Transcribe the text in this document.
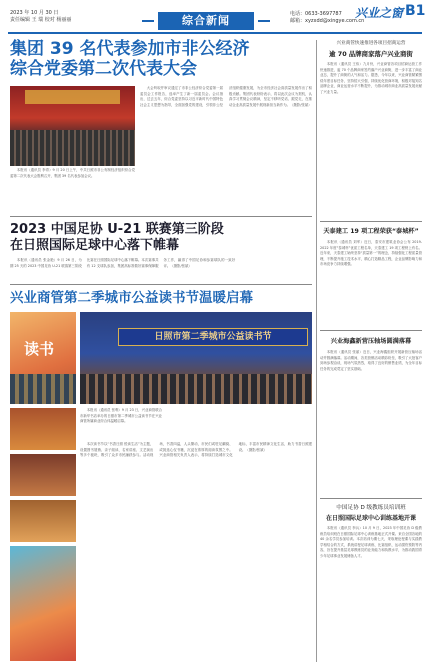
2023 年 10 月 30 日
责任编辑 王 瑞 校对 杨丽丽	综合新闻	电话：0633-3697787
邮箱：xyzxdd@xingye.com.cn
兴业之窗 B1
集团 39 名代表参加市非公经济
综合党委第二次代表大会

本报讯（通讯员 李青）9 月 20 日上午，中共日照市非公有制经济组织综合党委第二次代表大会胜利召开，集团 39 名代表参加会议。

大会听取并审议通过了市非公经济综合党委第一届委员会工作报告，选举产生了新一届委员会。会议指出，过去五年，综合党委坚持以习近平新时代中国特色社会主义思想为指导，全面加强党的建设，引领非公经济组织健康发展，为全市经济社会高质量发展作出了积极贡献。集团代表纷纷表示，将以此次会议为契机，认真学习贯彻会议精神，坚定不移听党话、跟党走，在推动企业高质量发展中展现新担当新作为。（摄影/张斌）

2023 中国足协 U-21 联赛第三阶段
在日照国际足球中心落下帷幕

本报讯（通讯员 张金艳）9 月 26 日，为期 25 天的 2023 中国足协 U-21 联赛第三阶段比赛在日照国际足球中心落下帷幕。本次赛事共有 12 支球队参加，集团高标准做好赛事保障服务工作，赢得了中国足协和参赛球队的一致好评。（摄影/张斌）

兴业商管第二季城市公益读书节温暖启幕
读书
日照市第二季城市公益读书节

本报讯（通讯员 张利）9 月 23 日，兴业商管联合市新华书店举办的日照市第二季城市公益读书节在兴业商管所属商业综合体温暖启幕。

本次读书节以“书香日照 悦读生活”为主题，设置图书展销、亲子阅读、名家讲座、文艺演出等多个板块，吸引了众多市民踊跃参与。活动现场，书香四溢，人头攒动，市民们或驻足翻阅、或挑选心仪书籍，沉浸在浓厚的阅读氛围之中。兴业商管相关负责人表示，将持续打造城市文化地标，丰富市民精神文化生活，助力书香日照建设。（摄影/张斌）

兴业商管快速推进各项目招商运营
逾 70 品牌商家落户兴业商街

本报讯（通讯员 王伟）九月份，兴业商管各项目招商运营工作快速推进，逾 70 个品牌商家签约落户兴业商街，进一步丰富了商业业态，提升了商街的人气和活力。据悉，今年以来，兴业商管紧紧围绕年度目标任务，坚持招大引强，持续优化营商环境，积极对接知名品牌企业，商业运营水平不断提升，为推动城市商业高质量发展贡献了兴业力量。

天泰建工 19 项工程荣获“泰城杯”

本报讯（通讯员 刘军）近日，泰安市建筑业协会公布 2019-2022 年度“泰城杯”优质工程名单，天泰建工 19 项工程榜上有名。近年来，天泰建工始终坚持“质量第一”的理念，持续强化工程质量管理，不断提升施工技术水平，精心打造精品工程，企业品牌影响力和市场竞争力持续增强。

兴业海鑫新营压轴场圆满落幕

本报讯（通讯员 张丽）近日，兴业海鑫组织开展新营压轴场活动并圆满落幕。活动期间，各类营销活动精彩纷呈，吸引了大批客户到场参观洽谈，现场气氛热烈，取得了良好的销售业绩，为全年目标任务的完成奠定了坚实基础。

中国足协 D 级教练员培训班
在日照国际足球中心训练基地开课

本报讯（通讯员 李兵）10 月 9 日，2023 年中国足协 D 级教练员培训班在日照国际足球中心训练基地正式开课。来自全国各地的 40 余名学员参加培训。本次培训为期七天，采取理论授课与实践教学相结合的方式，系统讲授足球训练、比赛组织、运动损伤预防等内容，旨在提升基层足球教练员的业务能力和执教水平，为推动我国青少年足球事业发展储备人才。
